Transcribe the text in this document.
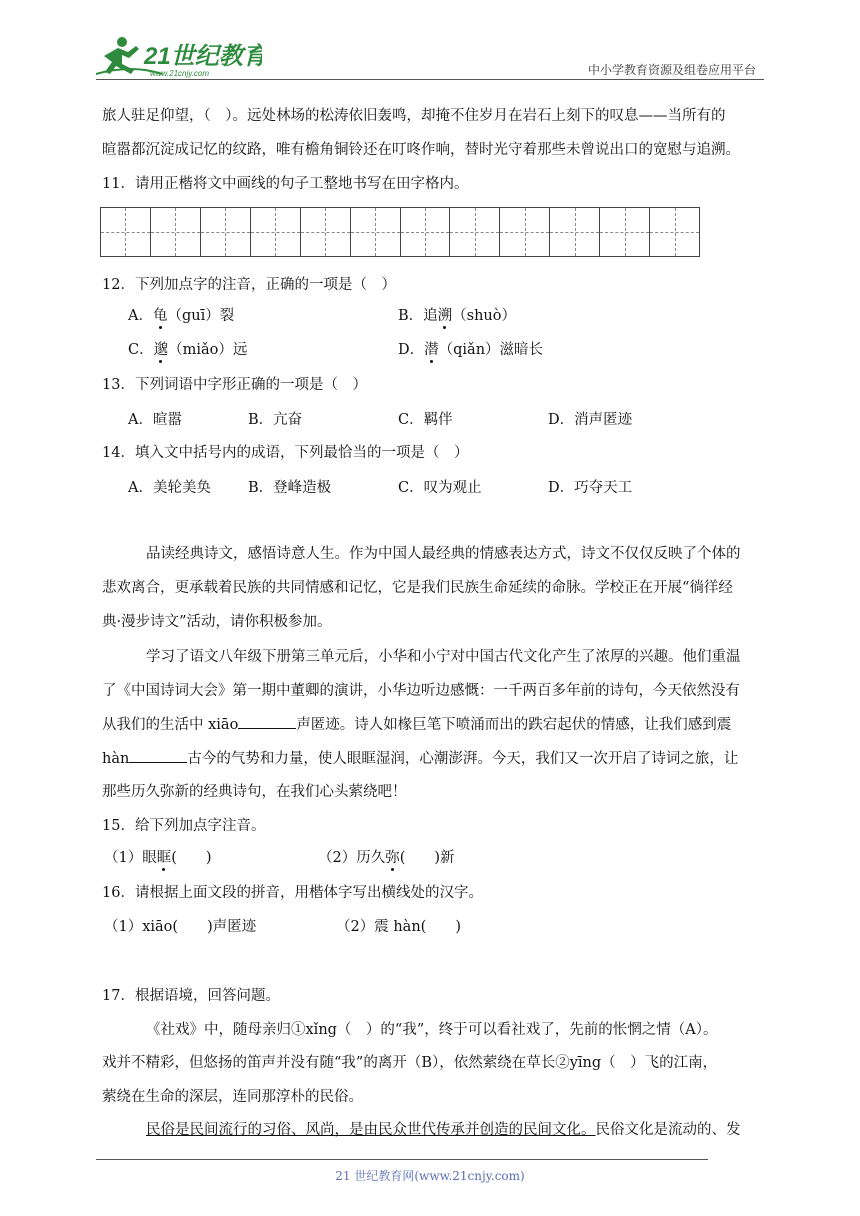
21世纪教育
www.21cnjy.com	中小学教育资源及组卷应用平台
旅人驻足仰望，（　）。远处林场的松涛依旧轰鸣，却掩不住岁月在岩石上刻下的叹息——当所有的
暄嚣都沉淀成记忆的纹路，唯有檐角铜铃还在叮咚作响，替时光守着那些未曾说出口的宽慰与追溯。
11．请用正楷将文中画线的句子工整地书写在田字格内。
12．下列加点字的注音，正确的一项是（　）
A．龟（guī）裂	B．追溯（shuò）
C．邈（miǎo）远	D．潜（qiǎn）滋暗长
13．下列词语中字形正确的一项是（　）
A．暄嚣	B．亢奋	C．羁伴	D．消声匿迹
14．填入文中括号内的成语，下列最恰当的一项是（　）
A．美轮美奂	B．登峰造极	C．叹为观止	D．巧夺天工
品读经典诗文，感悟诗意人生。作为中国人最经典的情感表达方式，诗文不仅仅反映了个体的
悲欢离合，更承载着民族的共同情感和记忆，它是我们民族生命延续的命脉。学校正在开展“徜徉经
典·漫步诗文”活动，请你积极参加。
学习了语文八年级下册第三单元后，小华和小宁对中国古代文化产生了浓厚的兴趣。他们重温
了《中国诗词大会》第一期中董卿的演讲，小华边听边感慨：一千两百多年前的诗句，今天依然没有
从我们的生活中 xiāo	声匿迹。诗人如椽巨笔下喷涌而出的跌宕起伏的情感，让我们感到震
hàn	古今的气势和力量，使人眼眶湿润，心潮澎湃。今天，我们又一次开启了诗词之旅，让
那些历久弥新的经典诗句，在我们心头萦绕吧！
15．给下列加点字注音。
（1）眼眶(　　)	（2）历久弥(　　)新
16．请根据上面文段的拼音，用楷体字写出横线处的汉字。
（1）xiāo(　　)声匿迹	（2）震 hàn(　　)
17．根据语境，回答问题。
《社戏》中，随母亲归①xǐng（　）的“我”，终于可以看社戏了，先前的怅惘之情（A）。
戏并不精彩，但悠扬的笛声并没有随“我”的离开（B），依然萦绕在草长②yīng（　）飞的江南，
萦绕在生命的深层，连同那淳朴的民俗。
民俗是民间流行的习俗、风尚，是由民众世代传承并创造的民间文化。民俗文化是流动的、发
21 世纪教育网(www.21cnjy.com)
